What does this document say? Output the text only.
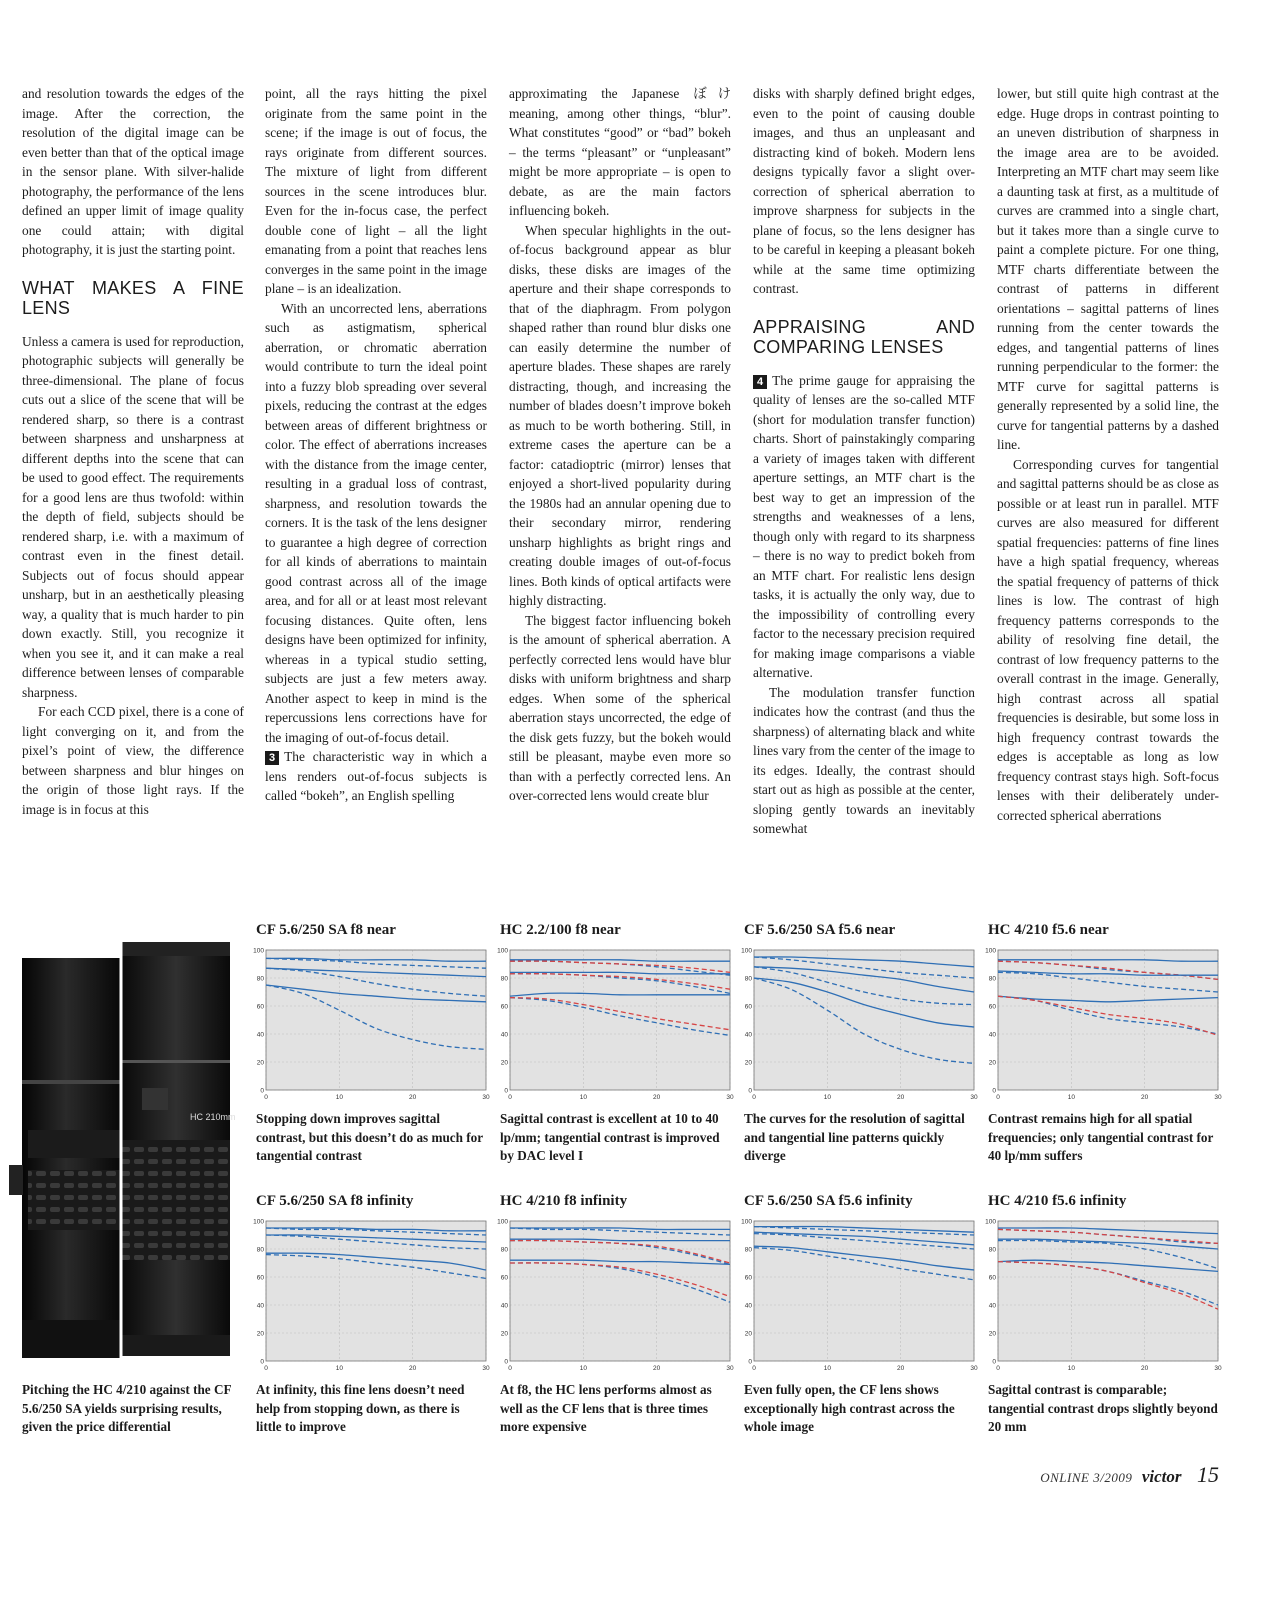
and resolution towards the edges of the image. After the correction, the resolution of the digital image can be even better than that of the optical image in the sensor plane. With silver-halide photography, the performance of the lens defined an upper limit of image quality one could attain; with digital photography, it is just the starting point.

WHAT MAKES A FINE LENS

Unless a camera is used for reproduction, photographic subjects will generally be three-dimensional. The plane of focus cuts out a slice of the scene that will be rendered sharp, so there is a contrast between sharpness and unsharpness at different depths into the scene that can be used to good effect. The requirements for a good lens are thus twofold: within the depth of field, subjects should be rendered sharp, i.e. with a maximum of contrast even in the finest detail. Subjects out of focus should appear unsharp, but in an aesthetically pleasing way, a quality that is much harder to pin down exactly. Still, you recognize it when you see it, and it can make a real difference between lenses of comparable sharpness.

For each CCD pixel, there is a cone of light converging on it, and from the pixel’s point of view, the difference between sharpness and blur hinges on the origin of those light rays. If the image is in focus at this

point, all the rays hitting the pixel originate from the same point in the scene; if the image is out of focus, the rays originate from different sources. The mixture of light from different sources in the scene introduces blur. Even for the in-focus case, the perfect double cone of light – all the light emanating from a point that reaches lens converges in the same point in the image plane – is an idealization.

With an uncorrected lens, aberrations such as astigmatism, spherical aberration, or chromatic aberration would contribute to turn the ideal point into a fuzzy blob spreading over several pixels, reducing the contrast at the edges between areas of different brightness or color. The effect of aberrations increases with the distance from the image center, resulting in a gradual loss of contrast, sharpness, and resolution towards the corners. It is the task of the lens designer to guarantee a high degree of correction for all kinds of aberrations to maintain good contrast across all of the image area, and for all or at least most relevant focusing distances. Quite often, lens designs have been optimized for infinity, whereas in a typical studio setting, subjects are just a few meters away. Another aspect to keep in mind is the repercussions lens corrections have for the imaging of out-of-focus detail.

3 The characteristic way in which a lens renders out-of-focus subjects is called “bokeh”, an English spelling

approximating the Japanese ぼけ meaning, among other things, “blur”. What constitutes “good” or “bad” bokeh – the terms “pleasant” or “unpleasant” might be more appropriate – is open to debate, as are the main factors influencing bokeh.

When specular highlights in the out-of-focus background appear as blur disks, these disks are images of the aperture and their shape corresponds to that of the diaphragm. From polygon shaped rather than round blur disks one can easily determine the number of aperture blades. These shapes are rarely distracting, though, and increasing the number of blades doesn’t improve bokeh as much to be worth bothering. Still, in extreme cases the aperture can be a factor: catadioptric (mirror) lenses that enjoyed a short-lived popularity during the 1980s had an annular opening due to their secondary mirror, rendering unsharp highlights as bright rings and creating double images of out-of-focus lines. Both kinds of optical artifacts were highly distracting.

The biggest factor influencing bokeh is the amount of spherical aberration. A perfectly corrected lens would have blur disks with uniform brightness and sharp edges. When some of the spherical aberration stays uncorrected, the edge of the disk gets fuzzy, but the bokeh would still be pleasant, maybe even more so than with a perfectly corrected lens. An over-corrected lens would create blur

disks with sharply defined bright edges, even to the point of causing double images, and thus an unpleasant and distracting kind of bokeh. Modern lens designs typically favor a slight over-correction of spherical aberration to improve sharpness for subjects in the plane of focus, so the lens designer has to be careful in keeping a pleasant bokeh while at the same time optimizing contrast.

APPRAISING AND COMPARING LENSES

4 The prime gauge for appraising the quality of lenses are the so-called MTF (short for modulation transfer function) charts. Short of painstakingly comparing a variety of images taken with different aperture settings, an MTF chart is the best way to get an impression of the strengths and weaknesses of a lens, though only with regard to its sharpness – there is no way to predict bokeh from an MTF chart. For realistic lens design tasks, it is actually the only way, due to the impossibility of controlling every factor to the necessary precision required for making image comparisons a viable alternative.

The modulation transfer function indicates how the contrast (and thus the sharpness) of alternating black and white lines vary from the center of the image to its edges. Ideally, the contrast should start out as high as possible at the center, sloping gently towards an inevitably somewhat

lower, but still quite high contrast at the edge. Huge drops in contrast pointing to an uneven distribution of sharpness in the image area are to be avoided. Interpreting an MTF chart may seem like a daunting task at first, as a multitude of curves are crammed into a single chart, but it takes more than a single curve to paint a complete picture. For one thing, MTF charts differentiate between the contrast of patterns in different orientations – sagittal patterns of lines running from the center towards the edges, and tangential patterns of lines running perpendicular to the former: the MTF curve for sagittal patterns is generally represented by a solid line, the curve for tangential patterns by a dashed line.

Corresponding curves for tangential and sagittal patterns should be as close as possible or at least run in parallel. MTF curves are also measured for different spatial frequencies: patterns of fine lines have a high spatial frequency, whereas the spatial frequency of patterns of thick lines is low. The contrast of high frequency patterns corresponds to the ability of resolving fine detail, the contrast of low frequency patterns to the overall contrast in the image. Generally, high contrast across all spatial frequencies is desirable, but some loss in high frequency contrast towards the edges is acceptable as long as low frequency contrast stays high. Soft-focus lenses with their deliberately under-corrected spherical aberrations

HC 210mm
Pitching the HC 4/210 against the CF 5.6/250 SA yields surprising results, given the price differential
CF 5.6/250 SA f8 near
0
20
40
60
80
100
0	10	20	30
Stopping down improves sagittal contrast, but this doesn’t do as much for tangential contrast
HC 2.2/100 f8 near
0
20
40
60
80
100
0	10	20	30
Sagittal contrast is excellent at 10 to 40 lp/mm; tangential contrast is improved by DAC level I
CF 5.6/250 SA f5.6 near
0
20
40
60
80
100
0	10	20	30
The curves for the resolution of sagittal and tangential line patterns quickly diverge
HC 4/210 f5.6 near
0
20
40
60
80
100
0	10	20	30
Contrast remains high for all spatial frequencies; only tangential contrast for 40 lp/mm suffers
CF 5.6/250 SA f8 infinity
0
20
40
60
80
100
0	10	20	30
At infinity, this fine lens doesn’t need help from stopping down, as there is little to improve
HC 4/210 f8 infinity
0
20
40
60
80
100
0	10	20	30
At f8, the HC lens performs almost as well as the CF lens that is three times more expensive
CF 5.6/250 SA f5.6 infinity
0
20
40
60
80
100
0	10	20	30
Even fully open, the CF lens shows exceptionally high contrast across the whole image
HC 4/210 f5.6 infinity
0
20
40
60
80
100
0	10	20	30
Sagittal contrast is comparable; tangential contrast drops slightly beyond 20 mm
ONLINE 3/2009 victor 15
